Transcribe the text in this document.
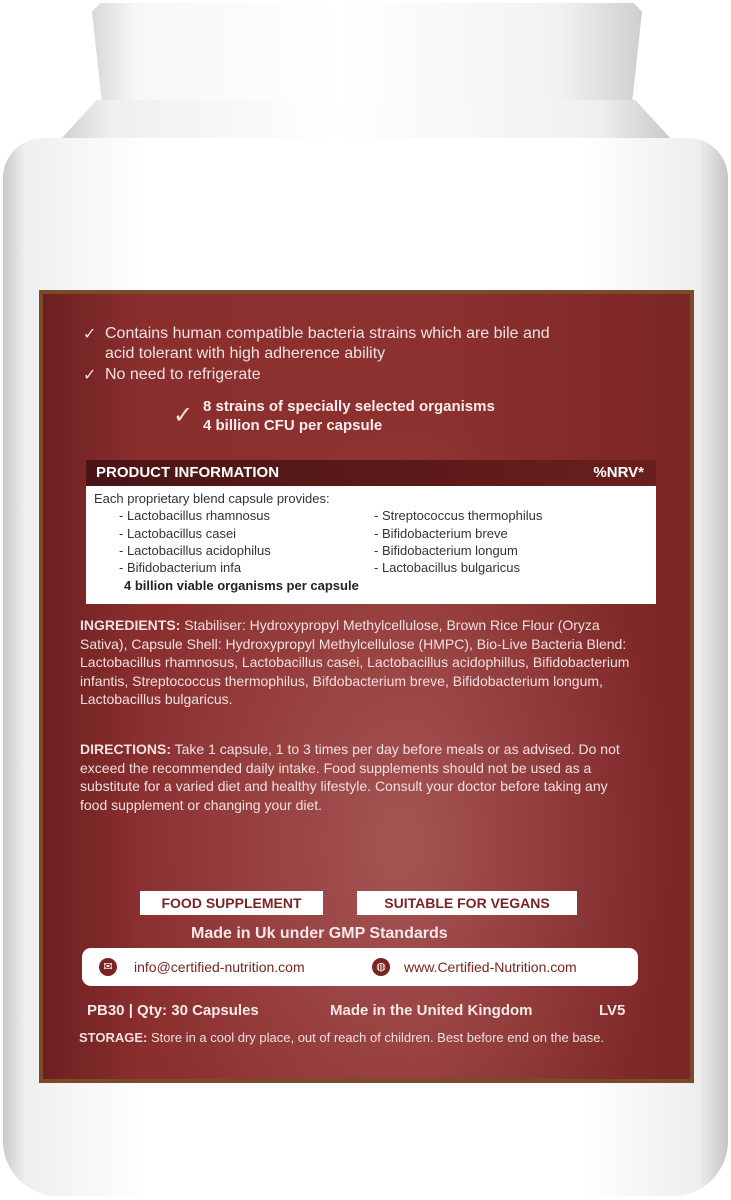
✓ Contains human compatible bacteria strains which are bile and
acid tolerant with high adherence ability
✓ No need to refrigerate
✓ 8 strains of specially selected organisms
4 billion CFU per capsule
PRODUCT INFORMATION	%NRV*
Each proprietary blend capsule provides:
- Lactobacillus rhamnosus
- Lactobacillus casei
- Lactobacillus acidophilus
- Bifidobacterium infa
- Streptococcus thermophilus
- Bifidobacterium breve
- Bifidobacterium longum
- Lactobacillus bulgaricus
4 billion viable organisms per capsule
INGREDIENTS: Stabiliser: Hydroxypropyl Methylcellulose, Brown Rice Flour (Oryza Sativa), Capsule Shell: Hydroxypropyl Methylcellulose (HMPC), Bio-Live Bacteria Blend: Lactobacillus rhamnosus, Lactobacillus casei, Lactobacillus acidophillus, Bifidobacterium infantis, Streptococcus thermophilus, Bifdobacterium breve, Bifidobacterium longum, Lactobacillus bulgaricus.
DIRECTIONS: Take 1 capsule, 1 to 3 times per day before meals or as advised. Do not exceed the recommended daily intake. Food supplements should not be used as a substitute for a varied diet and healthy lifestyle. Consult your doctor before taking any food supplement or changing your diet.
FOOD SUPPLEMENT	SUITABLE FOR VEGANS
Made in Uk under GMP Standards
✉	info@certified-nutrition.com	◍	www.Certified-Nutrition.com
PB30 | Qty: 30 Capsules	Made in the United Kingdom	LV5
STORAGE: Store in a cool dry place, out of reach of children. Best before end on the base.
